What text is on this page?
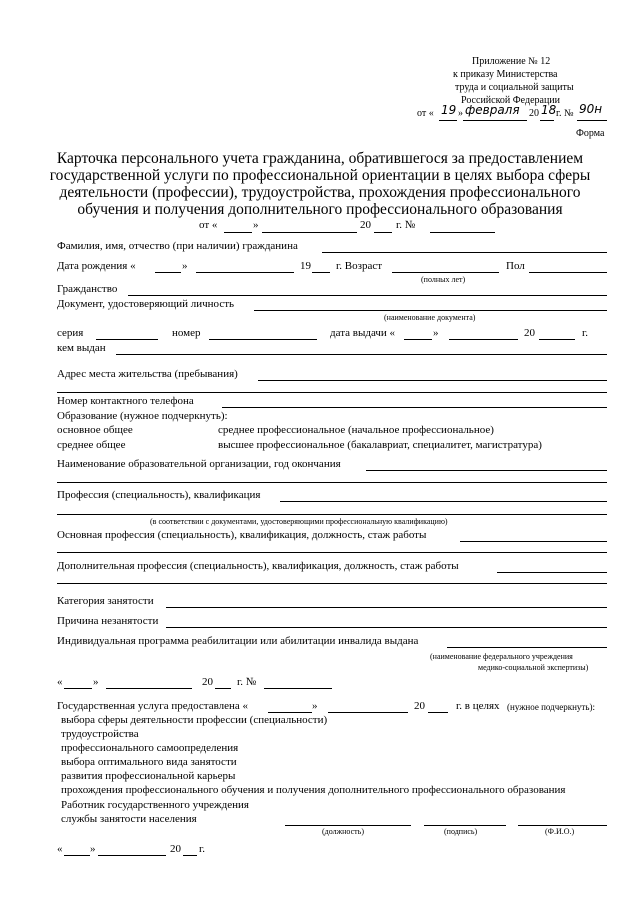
Приложение № 12
к приказу Министерства
труда и социальной защиты
Российской Федерации
от « 19 » февраля 20 18 г. № 90н
Форма
Карточка персонального учета гражданина, обратившегося за предоставлением
государственной услуги по профессиональной ориентации в целях выбора сферы
деятельности (профессии), трудоустройства, прохождения профессионального
обучения и получения дополнительного профессионального образования
от «	»	20 г. №
Фамилия, имя, отчество (при наличии) гражданина
Дата рождения «	»	19 г. Возраст	Пол
(полных лет)
Гражданство
Документ, удостоверяющий личность
(наименование документа)
серия	номер	дата выдачи «	»	20	г.
кем выдан
Адрес места жительства (пребывания)
Номер контактного телефона
Образование (нужное подчеркнуть):
основное общее	среднее профессиональное (начальное профессиональное)
среднее общее	высшее профессиональное (бакалавриат, специалитет, магистратура)
Наименование образовательной организации, год окончания
Профессия (специальность), квалификация
(в соответствии с документами, удостоверяющими профессиональную квалификацию)
Основная профессия (специальность), квалификация, должность, стаж работы
Дополнительная профессия (специальность), квалификация, должность, стаж работы
Категория занятости
Причина незанятости
Индивидуальная программа реабилитации или абилитации инвалида выдана
(наименование федерального учреждения
медико-социальной экспертизы)
«	»	20 г. №
Государственная услуга предоставлена «	»	20	г. в целях (нужное подчеркнуть):
выбора сферы деятельности профессии (специальности)
трудоустройства
профессионального самоопределения
выбора оптимального вида занятости
развития профессиональной карьеры
прохождения профессионального обучения и получения дополнительного профессионального образования
Работник государственного учреждения
службы занятости населения
(должность)	(подпись)	(Ф.И.О.)
«	»	20 г.
